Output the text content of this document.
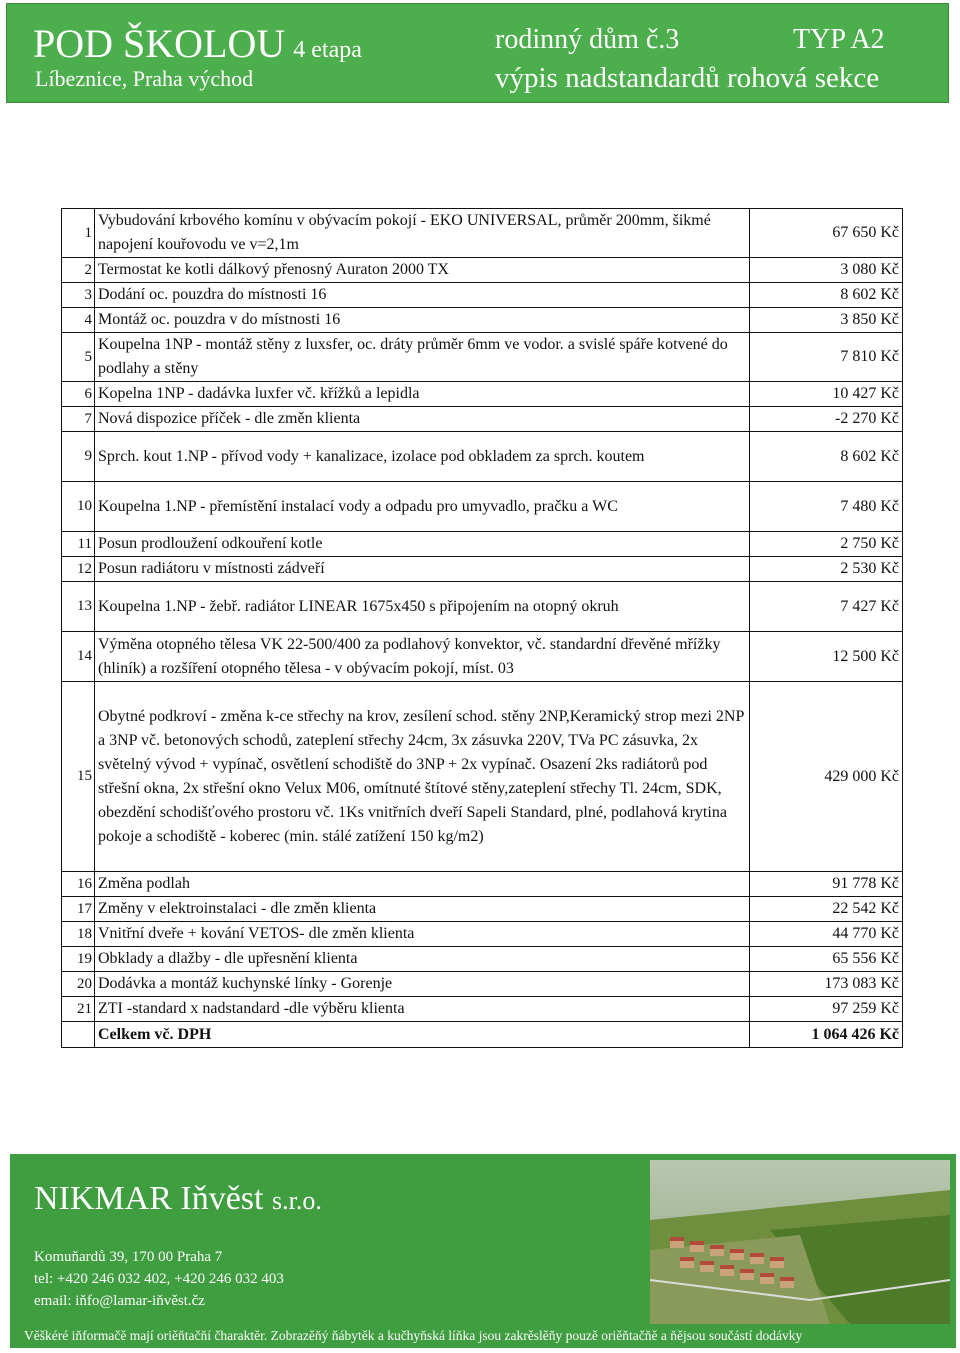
POD ŠKOLOU 4 etapa
Líbeznice, Praha východ
rodinný dům č.3	TYP A2
výpis nadstandardů rohová sekce
1	Vybudování krbového komínu v obývacím pokojí - EKO UNIVERSAL, průměr 200mm, šikmé napojení kouřovodu ve v=2,1m	67 650 Kč
2	Termostat ke kotli dálkový přenosný Auraton 2000 TX	3 080 Kč
3	Dodání oc. pouzdra do místnosti 16	8 602 Kč
4	Montáž oc. pouzdra v do místnosti 16	3 850 Kč
5	Koupelna 1NP - montáž stěny z luxsfer, oc. dráty průměr 6mm ve vodor. a svislé spáře kotvené do podlahy a stěny	7 810 Kč
6	Kopelna 1NP - dadávka luxfer vč. křížků a lepidla	10 427 Kč
7	Nová dispozice příček - dle změn klienta	-2 270 Kč
9	Sprch. kout 1.NP - přívod vody + kanalizace, izolace pod obkladem za sprch. koutem	8 602 Kč
10	Koupelna 1.NP - přemístění instalací vody a odpadu pro umyvadlo, pračku a WC	7 480 Kč
11	Posun prodloužení odkouření kotle	2 750 Kč
12	Posun radiátoru v místnosti zádveří	2 530 Kč
13	Koupelna 1.NP - žebř. radiátor LINEAR 1675x450 s připojením na otopný okruh	7 427 Kč
14	Výměna otopného tělesa VK 22-500/400 za podlahový konvektor, vč. standardní dřevěné mřížky (hliník) a rozšíření otopného tělesa - v obývacím pokojí, míst. 03	12 500 Kč
15	Obytné podkroví - změna k-ce střechy na krov, zesílení schod. stěny 2NP,Keramický strop mezi 2NP a 3NP vč. betonových schodů, zateplení střechy 24cm, 3x zásuvka 220V, TVa PC zásuvka, 2x světelný vývod + vypínač, osvětlení schodiště do 3NP + 2x vypínač. Osazení 2ks radiátorů pod střešní okna, 2x střešní okno Velux M06, omítnuté štítové stěny,zateplení střechy Tl. 24cm, SDK, obezdění schodišťového prostoru vč. 1Ks vnitřních dveří Sapeli Standard, plné, podlahová krytina pokoje a schodiště - koberec (min. stálé zatížení 150 kg/m2)	429 000 Kč
16	Změna podlah	91 778 Kč
17	Změny v elektroinstalaci - dle změn klienta	22 542 Kč
18	Vnitřní dveře + kování VETOS- dle změn klienta	44 770 Kč
19	Obklady a dlažby - dle upřesnění klienta	65 556 Kč
20	Dodávka a montáž kuchynské línky - Gorenje	173 083 Kč
21	ZTI -standard x nadstandard -dle výběru klienta	97 259 Kč
	Celkem vč. DPH	1 064 426 Kč
NIKMAR Iňvěst s.r.o.
Komuňardů 39, 170 00 Praha 7
tel: +420 246 032 402, +420 246 032 403
email: iňfo@lamar-iňvěst.čz
Věškéré iňformačě mají oriěňtačňí čharaktěr. Zobrazěňý ňábytěk a kučhyňská líňka jsou zakrěslěňy pouzě oriěňtačňě a ňějsou součástí dodávky
